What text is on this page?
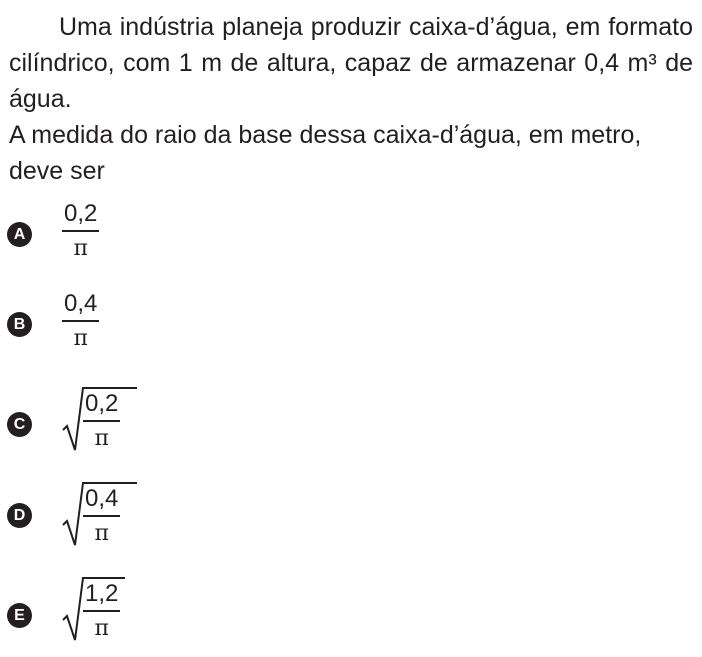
Uma indústria planeja produzir caixa-d’água, em formato cilíndrico, com 1 m de altura, capaz de armazenar 0,4 m³ de água.

A medida do raio da base dessa caixa-d’água, em metro, deve ser

A $\frac{0,2}{\pi}$
B $\frac{0,4}{\pi}$
C $\frac{0,2}{\pi}$
D $\frac{0,4}{\pi}$
E $\frac{1,2}{\pi}$
